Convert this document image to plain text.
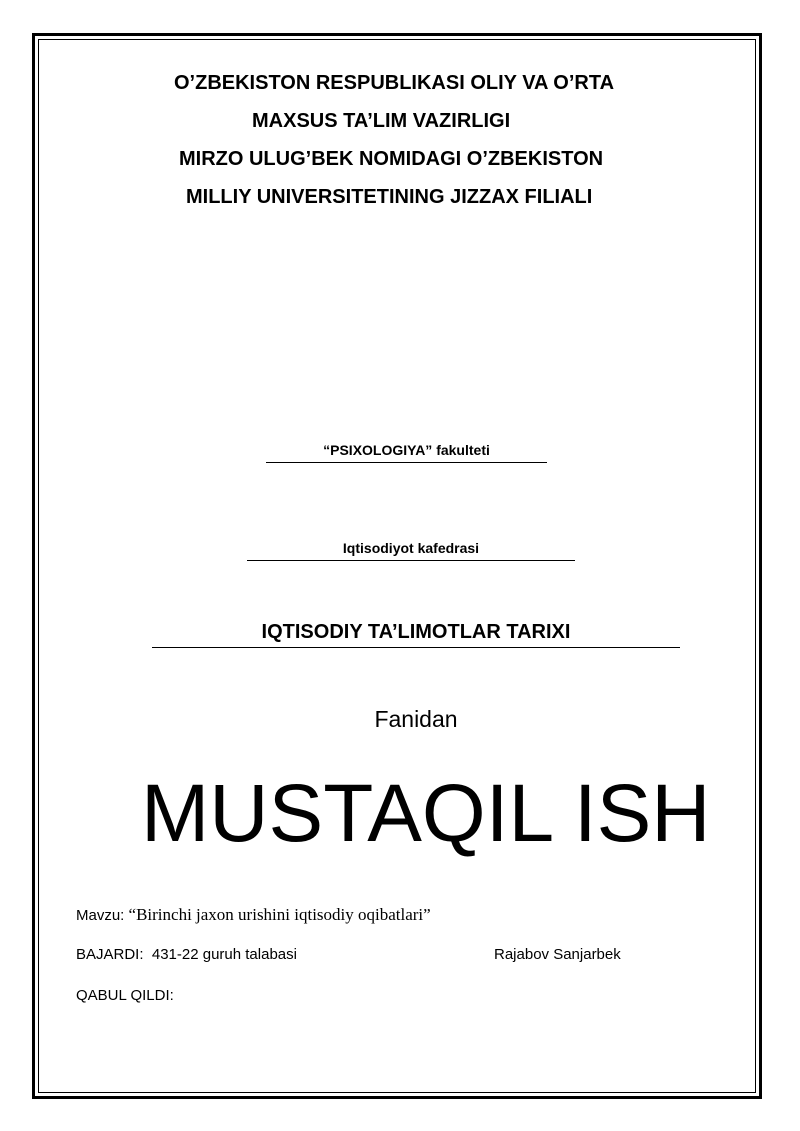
O’ZBEKISTON RESPUBLIKASI OLIY VA O’RTA
MAXSUS TA’LIM VAZIRLIGI
MIRZO ULUG’BEK NOMIDAGI O’ZBEKISTON
MILLIY UNIVERSITETINING JIZZAX FILIALI
“PSIXOLOGIYA” fakulteti
Iqtisodiyot kafedrasi
IQTISODIY TA’LIMOTLAR TARIXI
Fanidan
MUSTAQIL ISH
Mavzu: “Birinchi jaxon urishini iqtisodiy oqibatlari”
BAJARDI: 431-22 guruh talabasi	Rajabov Sanjarbek
QABUL QILDI:
